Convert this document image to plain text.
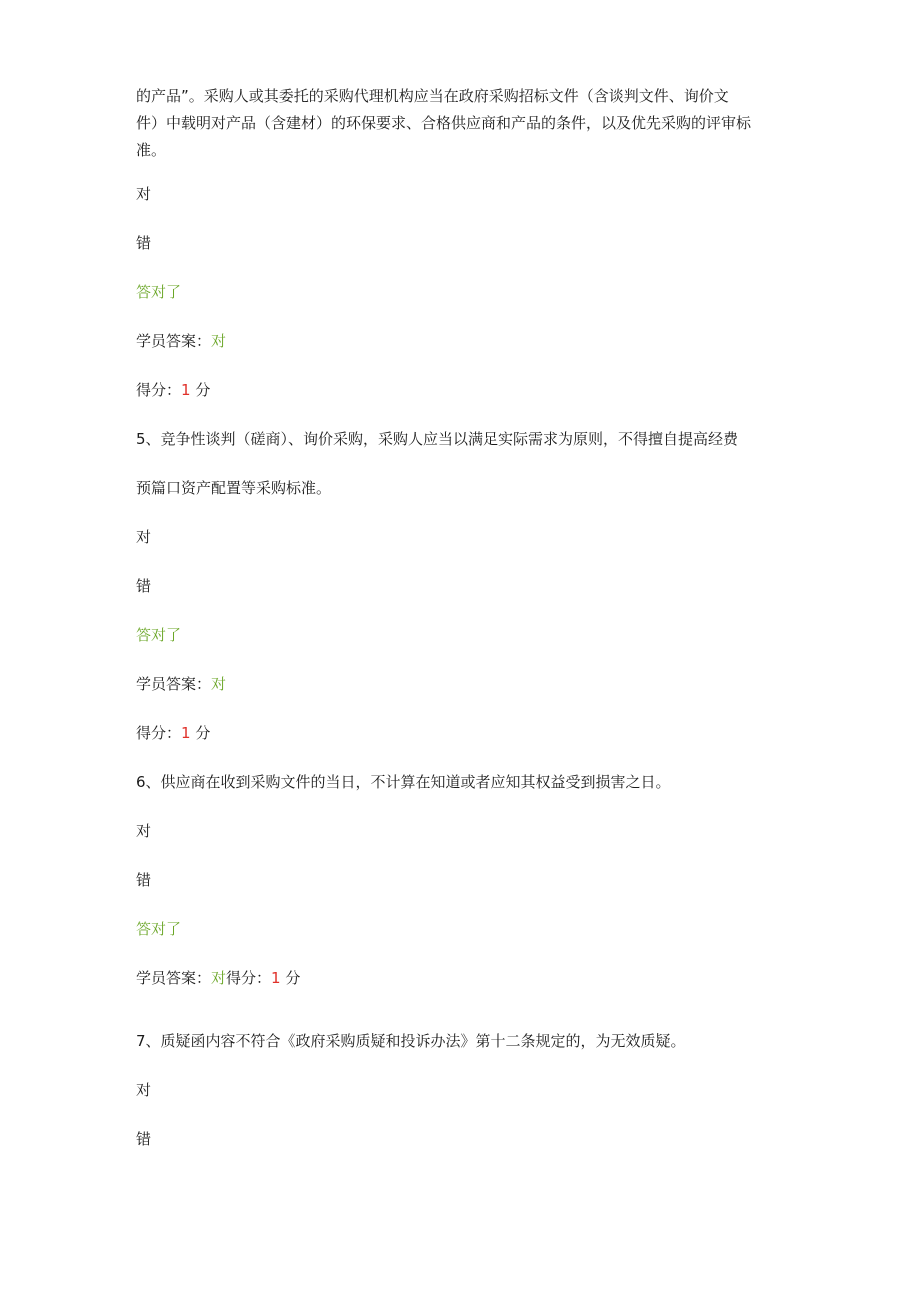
的产品”。采购人或其委托的采购代理机构应当在政府采购招标文件（含谈判文件、询价文
件）中载明对产品（含建材）的环保要求、合格供应商和产品的条件，以及优先采购的评审标
准。
对
错
答对了
学员答案：对
得分：1 分
5、竞争性谈判（磋商）、询价采购，采购人应当以满足实际需求为原则，不得擅自提高经费
预篇口资产配置等采购标准。
对
错
答对了
学员答案：对
得分：1 分
6、供应商在收到采购文件的当日，不计算在知道或者应知其权益受到损害之日。
对
错
答对了
学员答案：对得分：1 分
7、质疑函内容不符合《政府采购质疑和投诉办法》第十二条规定的，为无效质疑。
对
错
